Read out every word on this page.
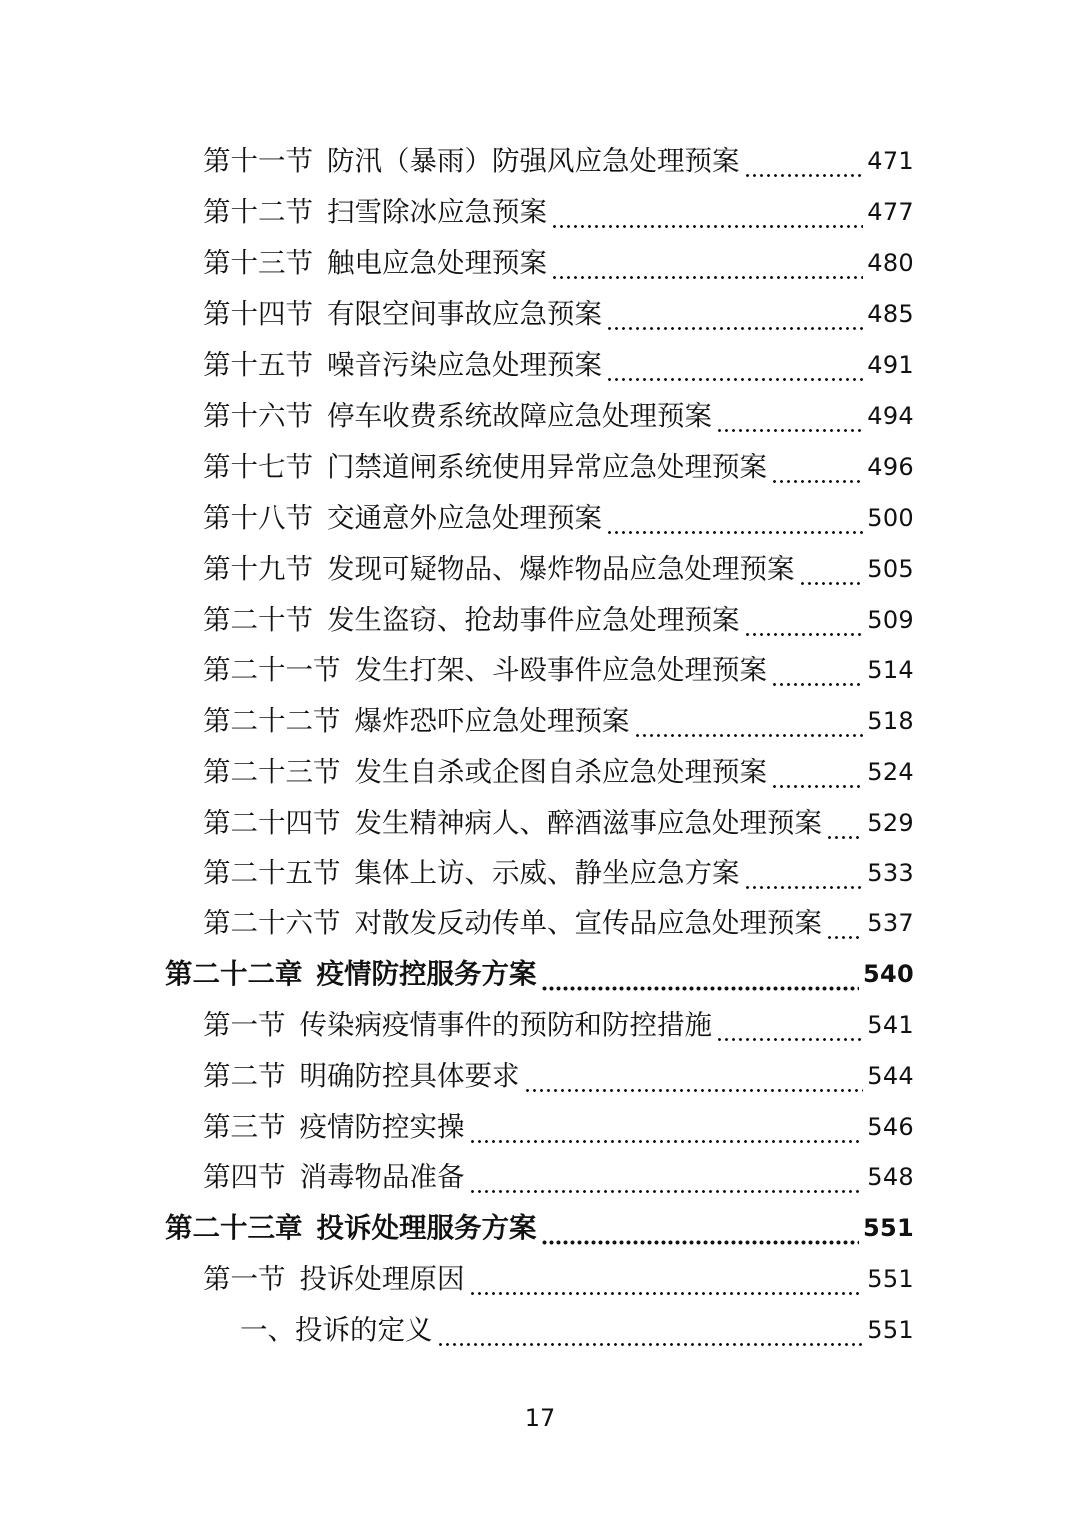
第十一节 防汛（暴雨）防强风应急处理预案	471
第十二节 扫雪除冰应急预案	477
第十三节 触电应急处理预案	480
第十四节 有限空间事故应急预案	485
第十五节 噪音污染应急处理预案	491
第十六节 停车收费系统故障应急处理预案	494
第十七节 门禁道闸系统使用异常应急处理预案	496
第十八节 交通意外应急处理预案	500
第十九节 发现可疑物品、爆炸物品应急处理预案	505
第二十节 发生盗窃、抢劫事件应急处理预案	509
第二十一节 发生打架、斗殴事件应急处理预案	514
第二十二节 爆炸恐吓应急处理预案	518
第二十三节 发生自杀或企图自杀应急处理预案	524
第二十四节 发生精神病人、醉酒滋事应急处理预案 529
第二十五节 集体上访、示威、静坐应急方案	533
第二十六节 对散发反动传单、宣传品应急处理预案 537
第二十二章 疫情防控服务方案	540
第一节 传染病疫情事件的预防和防控措施	541
第二节 明确防控具体要求	544
第三节 疫情防控实操	546
第四节 消毒物品准备	548
第二十三章 投诉处理服务方案	551
第一节 投诉处理原因	551
一、投诉的定义	551
17
